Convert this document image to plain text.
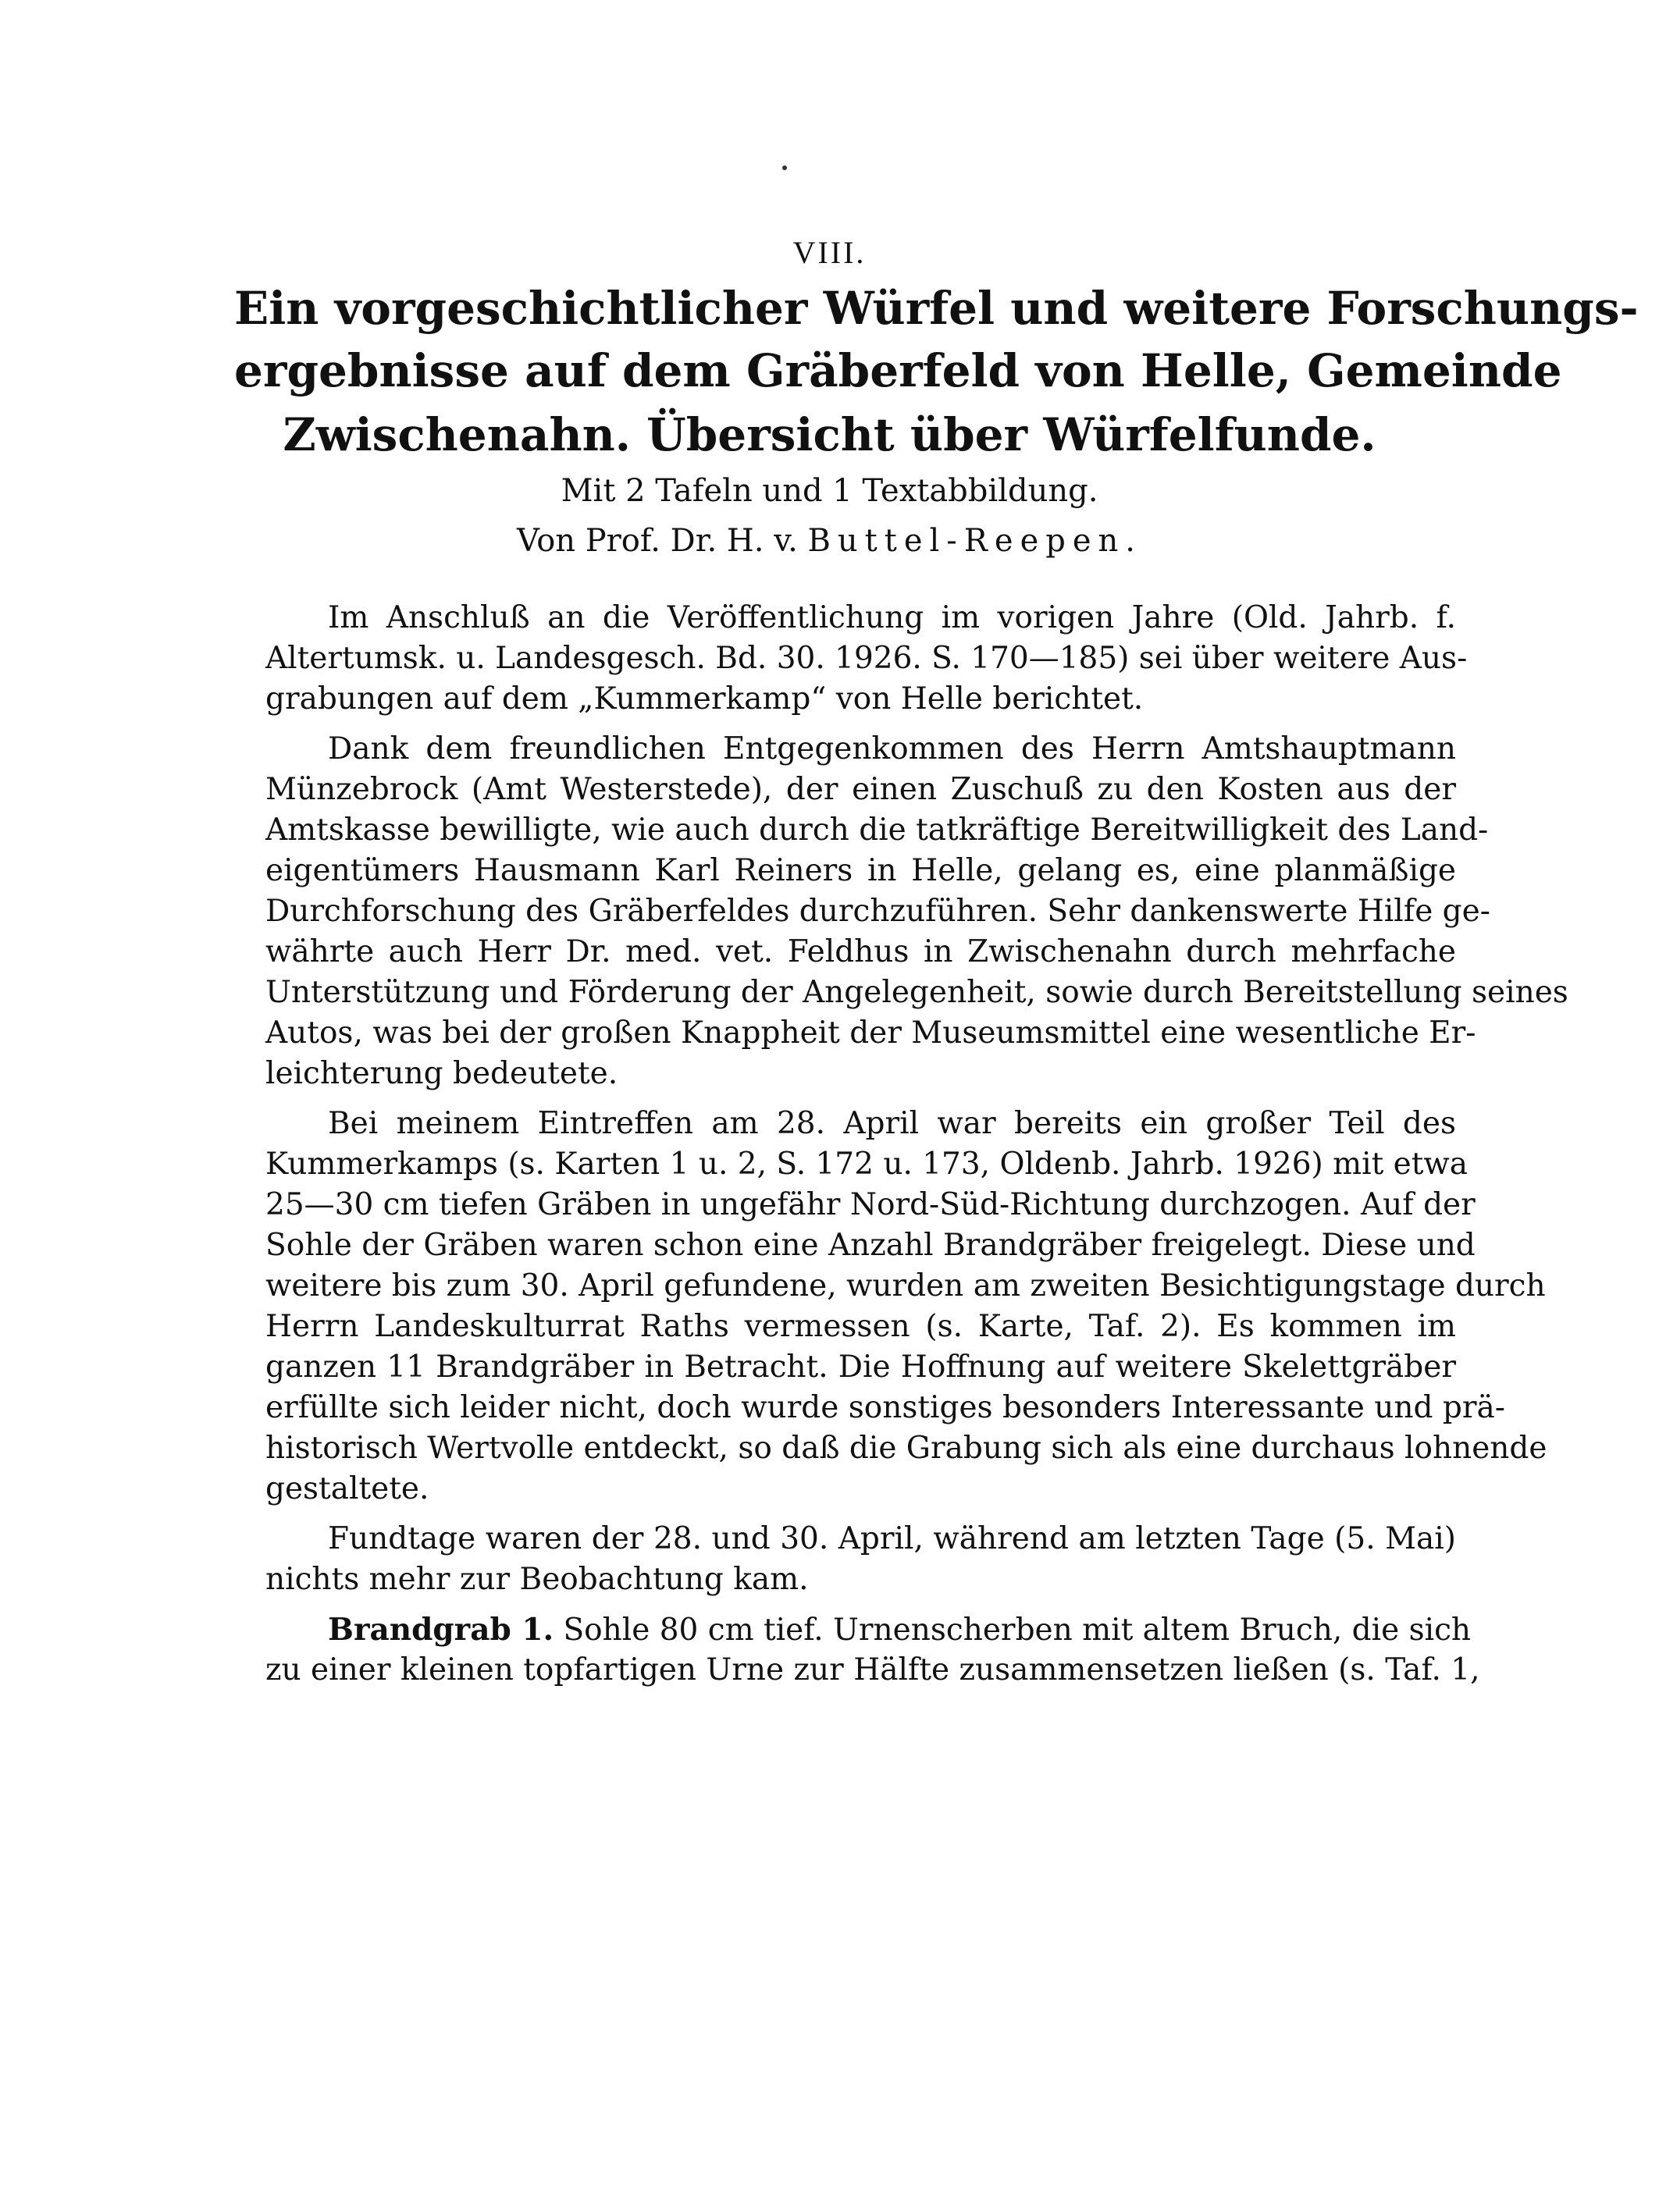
VIII.
Ein vorgeschichtlicher Würfel und weitere Forschungs-
ergebnisse auf dem Gräberfeld von Helle, Gemeinde
Zwischenahn. Übersicht über Würfelfunde.
Mit 2 Tafeln und 1 Textabbildung.
Von Prof. Dr. H. v. Buttel-Reepen.
Im Anschluß an die Veröffentlichung im vorigen Jahre (Old. Jahrb. f.
Altertumsk. u. Landesgesch. Bd. 30. 1926. S. 170—185) sei über weitere Aus-
grabungen auf dem „Kummerkamp“ von Helle berichtet.
Dank dem freundlichen Entgegenkommen des Herrn Amtshauptmann
Münzebrock (Amt Westerstede), der einen Zuschuß zu den Kosten aus der
Amtskasse bewilligte, wie auch durch die tatkräftige Bereitwilligkeit des Land-
eigentümers Hausmann Karl Reiners in Helle, gelang es, eine planmäßige
Durchforschung des Gräberfeldes durchzuführen. Sehr dankenswerte Hilfe ge-
währte auch Herr Dr. med. vet. Feldhus in Zwischenahn durch mehrfache
Unterstützung und Förderung der Angelegenheit, sowie durch Bereitstellung seines
Autos, was bei der großen Knappheit der Museumsmittel eine wesentliche Er-
leichterung bedeutete.
Bei meinem Eintreffen am 28. April war bereits ein großer Teil des
Kummerkamps (s. Karten 1 u. 2, S. 172 u. 173, Oldenb. Jahrb. 1926) mit etwa
25—30 cm tiefen Gräben in ungefähr Nord-Süd-Richtung durchzogen. Auf der
Sohle der Gräben waren schon eine Anzahl Brandgräber freigelegt. Diese und
weitere bis zum 30. April gefundene, wurden am zweiten Besichtigungstage durch
Herrn Landeskulturrat Raths vermessen (s. Karte, Taf. 2). Es kommen im
ganzen 11 Brandgräber in Betracht. Die Hoffnung auf weitere Skelettgräber
erfüllte sich leider nicht, doch wurde sonstiges besonders Interessante und prä-
historisch Wertvolle entdeckt, so daß die Grabung sich als eine durchaus lohnende
gestaltete.
Fundtage waren der 28. und 30. April, während am letzten Tage (5. Mai)
nichts mehr zur Beobachtung kam.
Brandgrab 1. Sohle 80 cm tief. Urnenscherben mit altem Bruch, die sich
zu einer kleinen topfartigen Urne zur Hälfte zusammensetzen ließen (s. Taf. 1,
